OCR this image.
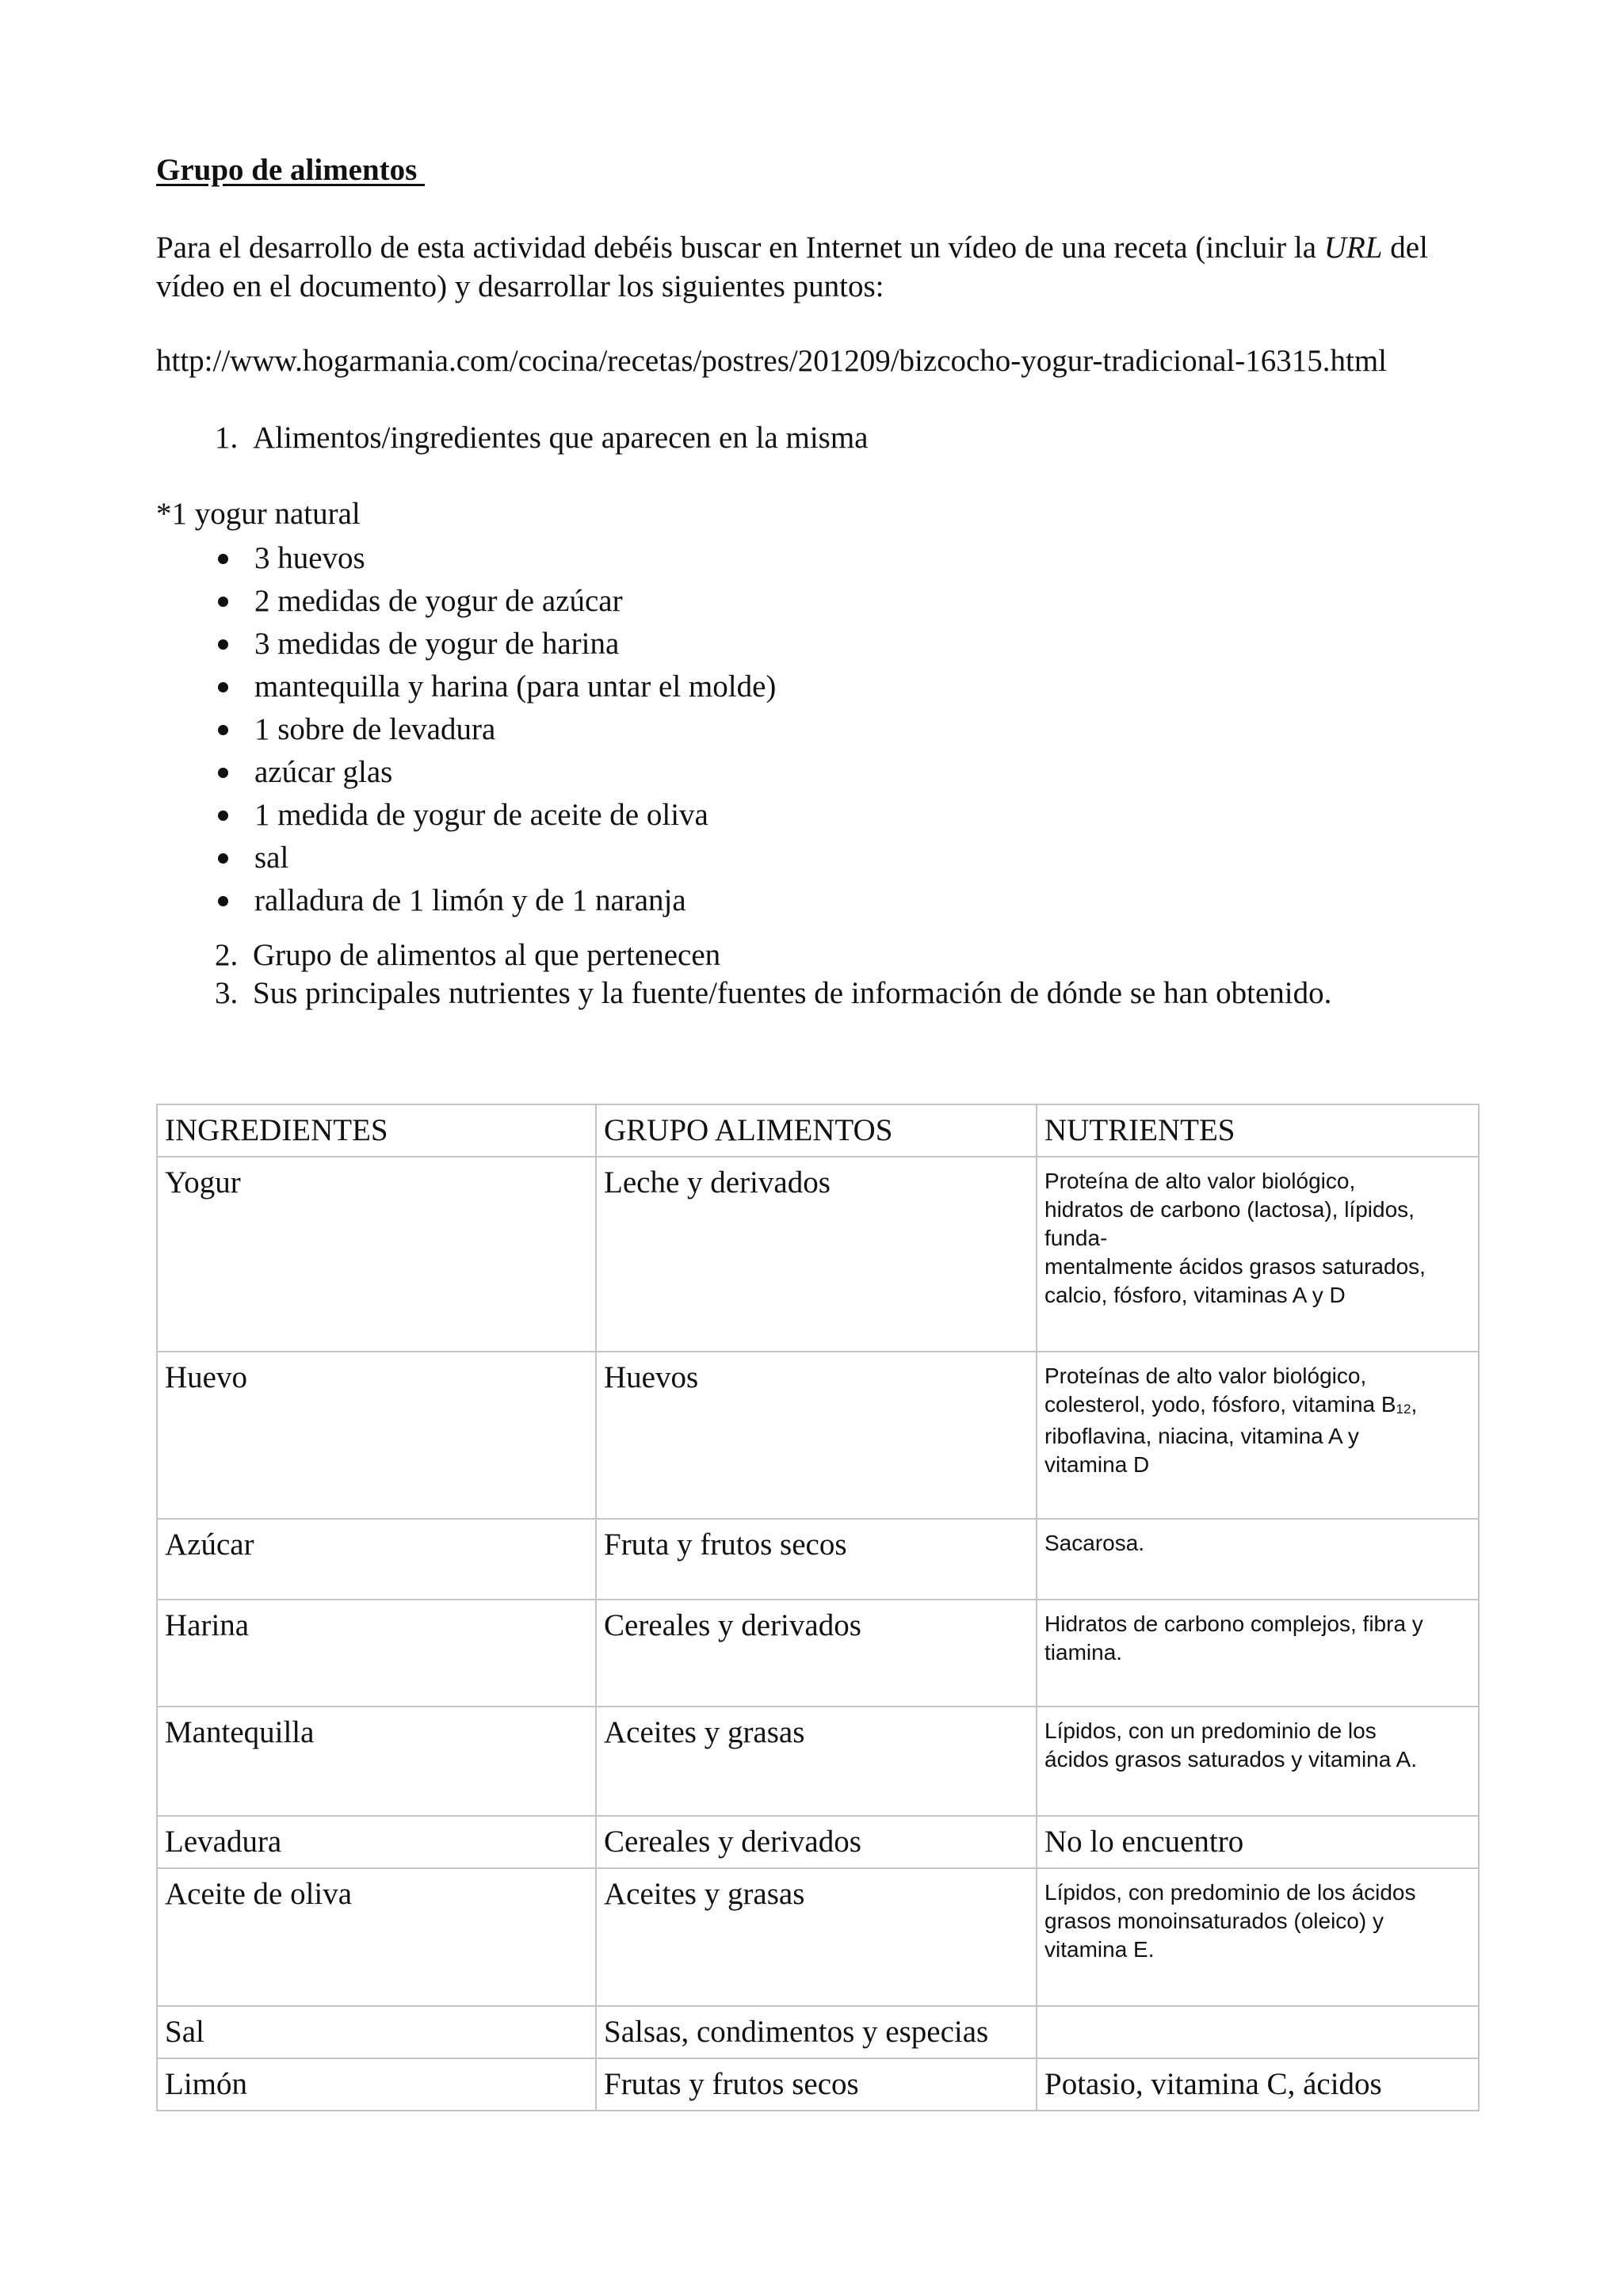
Grupo de alimentos
Para el desarrollo de esta actividad debéis buscar en Internet un vídeo de una receta (incluir la URL del vídeo en el documento) y desarrollar los siguientes puntos:
http://www.hogarmania.com/cocina/recetas/postres/201209/bizcocho-yogur-tradicional-16315.html
1. Alimentos/ingredientes que aparecen en la misma
*1 yogur natural
3 huevos
2 medidas de yogur de azúcar
3 medidas de yogur de harina
mantequilla y harina (para untar el molde)
1 sobre de levadura
azúcar glas
1 medida de yogur de aceite de oliva
sal
ralladura de 1 limón y de 1 naranja
2. Grupo de alimentos al que pertenecen
3. Sus principales nutrientes y la fuente/fuentes de información de dónde se han obtenido.
INGREDIENTES	GRUPO ALIMENTOS	NUTRIENTES
Yogur	Leche y derivados	Proteína de alto valor biológico,
hidratos de carbono (lactosa), lípidos,
funda-
mentalmente ácidos grasos saturados,
calcio, fósforo, vitaminas A y D

Huevo	Huevos	Proteínas de alto valor biológico,
colesterol, yodo, fósforo, vitamina $B_{12}$,
riboflavina, niacina, vitamina A y
vitamina D

Azúcar	Fruta y frutos secos	Sacarosa.

Harina	Cereales y derivados	Hidratos de carbono complejos, fibra y
tiamina.

Mantequilla	Aceites y grasas	Lípidos, con un predominio de los
ácidos grasos saturados y vitamina A.

Levadura	Cereales y derivados	No lo encuentro
Aceite de oliva	Aceites y grasas	Lípidos, con predominio de los ácidos
grasos monoinsaturados (oleico) y
vitamina E.

Sal	Salsas, condimentos y especias	
Limón	Frutas y frutos secos	Potasio, vitamina C, ácidos
